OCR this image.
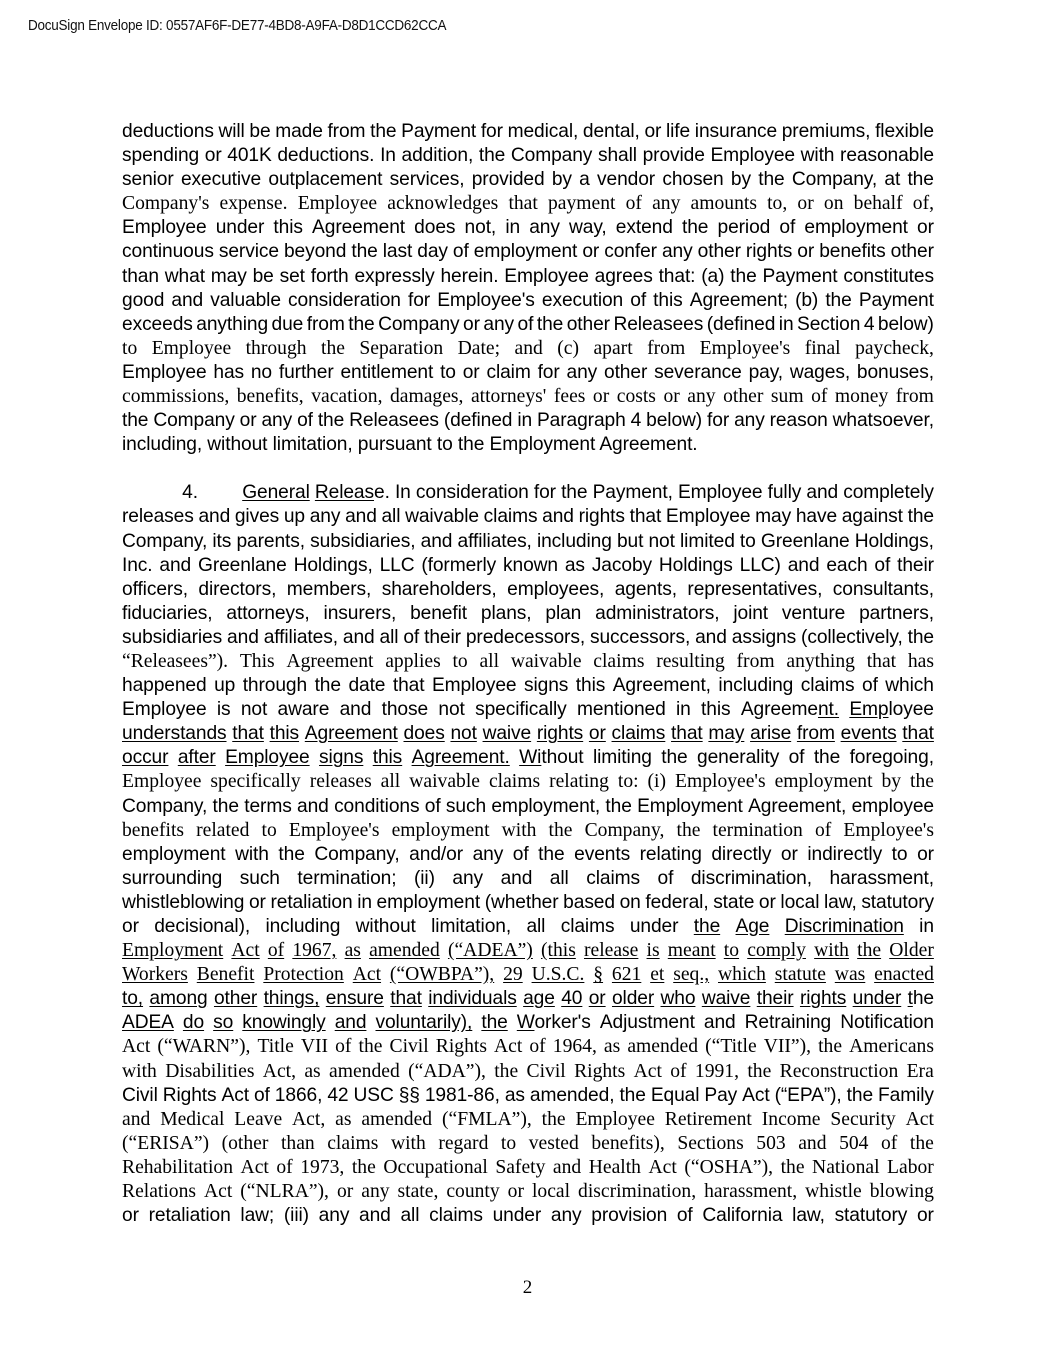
DocuSign Envelope ID: 0557AF6F-DE77-4BD8-A9FA-D8D1CCD62CCA
deductions will be made from the Payment for medical, dental, or life insurance premiums, flexible
spending or 401K deductions. In addition, the Company shall provide Employee with reasonable
senior executive outplacement services, provided by a vendor chosen by the Company, at the
Company's expense. Employee acknowledges that payment of any amounts to, or on behalf of,
Employee under this Agreement does not, in any way, extend the period of employment or
continuous service beyond the last day of employment or confer any other rights or benefits other
than what may be set forth expressly herein. Employee agrees that: (a) the Payment constitutes
good and valuable consideration for Employee's execution of this Agreement; (b) the Payment
exceeds anything due from the Company or any of the other Releasees (defined in Section 4 below)
to Employee through the Separation Date; and (c) apart from Employee's final paycheck,
Employee has no further entitlement to or claim for any other severance pay, wages, bonuses,
commissions, benefits, vacation, damages, attorneys' fees or costs or any other sum of money from
the Company or any of the Releasees (defined in Paragraph 4 below) for any reason whatsoever,
including, without limitation, pursuant to the Employment Agreement.
4. General Release. In consideration for the Payment, Employee fully and completely
releases and gives up any and all waivable claims and rights that Employee may have against the
Company, its parents, subsidiaries, and affiliates, including but not limited to Greenlane Holdings,
Inc. and Greenlane Holdings, LLC (formerly known as Jacoby Holdings LLC) and each of their
officers, directors, members, shareholders, employees, agents, representatives, consultants,
fiduciaries, attorneys, insurers, benefit plans, plan administrators, joint venture partners,
subsidiaries and affiliates, and all of their predecessors, successors, and assigns (collectively, the
“Releasees”). This Agreement applies to all waivable claims resulting from anything that has
happened up through the date that Employee signs this Agreement, including claims of which
Employee is not aware and those not specifically mentioned in this Agreement. Employee
understands that this Agreement does not waive rights or claims that may arise from events that
occur after Employee signs this Agreement. Without limiting the generality of the foregoing,
Employee specifically releases all waivable claims relating to: (i) Employee's employment by the
Company, the terms and conditions of such employment, the Employment Agreement, employee
benefits related to Employee's employment with the Company, the termination of Employee's
employment with the Company, and/or any of the events relating directly or indirectly to or
surrounding such termination; (ii) any and all claims of discrimination, harassment,
whistleblowing or retaliation in employment (whether based on federal, state or local law, statutory
or decisional), including without limitation, all claims under the Age Discrimination in
Employment Act of 1967, as amended (“ADEA”) (this release is meant to comply with the Older
Workers Benefit Protection Act (“OWBPA”), 29 U.S.C. § 621 et seq., which statute was enacted
to, among other things, ensure that individuals age 40 or older who waive their rights under the
ADEA do so knowingly and voluntarily), the Worker's Adjustment and Retraining Notification
Act (“WARN”), Title VII of the Civil Rights Act of 1964, as amended (“Title VII”), the Americans
with Disabilities Act, as amended (“ADA”), the Civil Rights Act of 1991, the Reconstruction Era
Civil Rights Act of 1866, 42 USC §§ 1981-86, as amended, the Equal Pay Act (“EPA”), the Family
and Medical Leave Act, as amended (“FMLA”), the Employee Retirement Income Security Act
(“ERISA”) (other than claims with regard to vested benefits), Sections 503 and 504 of the
Rehabilitation Act of 1973, the Occupational Safety and Health Act (“OSHA”), the National Labor
Relations Act (“NLRA”), or any state, county or local discrimination, harassment, whistle blowing
or retaliation law; (iii) any and all claims under any provision of California law, statutory or
2
